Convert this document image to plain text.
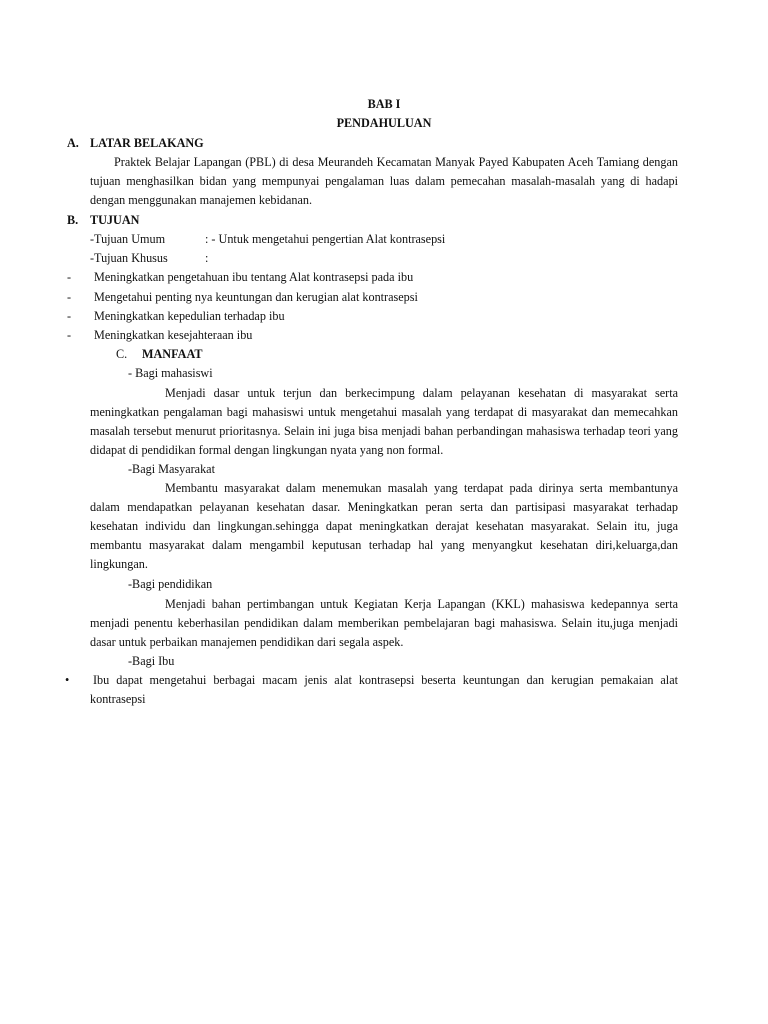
BAB I
PENDAHULUAN
A. LATAR BELAKANG
Praktek Belajar Lapangan (PBL) di desa Meurandeh Kecamatan Manyak Payed Kabupaten Aceh Tamiang dengan tujuan menghasilkan bidan yang mempunyai pengalaman luas dalam pemecahan masalah-masalah yang di hadapi dengan menggunakan manajemen kebidanan.
B. TUJUAN
-Tujuan Umum	: - Untuk mengetahui pengertian Alat kontrasepsi
-Tujuan Khusus	:
- Meningkatkan pengetahuan ibu tentang Alat kontrasepsi pada ibu
- Mengetahui penting nya keuntungan dan kerugian alat kontrasepsi
- Meningkatkan kepedulian terhadap ibu
- Meningkatkan kesejahteraan ibu
C. MANFAAT
- Bagi mahasiswi
Menjadi dasar untuk terjun dan berkecimpung dalam pelayanan kesehatan di masyarakat serta meningkatkan pengalaman bagi mahasiswi untuk mengetahui masalah yang terdapat di masyarakat dan memecahkan masalah tersebut menurut prioritasnya. Selain ini juga bisa menjadi bahan perbandingan mahasiswa terhadap teori yang didapat di pendidikan formal dengan lingkungan nyata yang non formal.
-Bagi Masyarakat
Membantu masyarakat dalam menemukan masalah yang terdapat pada dirinya serta membantunya dalam mendapatkan pelayanan kesehatan dasar. Meningkatkan peran serta dan partisipasi masyarakat terhadap kesehatan individu dan lingkungan.sehingga dapat meningkatkan derajat kesehatan masyarakat. Selain itu, juga membantu masyarakat dalam mengambil keputusan terhadap hal yang menyangkut kesehatan diri,keluarga,dan lingkungan.
-Bagi pendidikan
Menjadi bahan pertimbangan untuk Kegiatan Kerja Lapangan (KKL) mahasiswa kedepannya serta menjadi penentu keberhasilan pendidikan dalam memberikan pembelajaran bagi mahasiswa. Selain itu,juga menjadi dasar untuk perbaikan manajemen pendidikan dari segala aspek.
-Bagi Ibu
• Ibu dapat mengetahui berbagai macam jenis alat kontrasepsi beserta keuntungan dan kerugian pemakaian alat kontrasepsi
